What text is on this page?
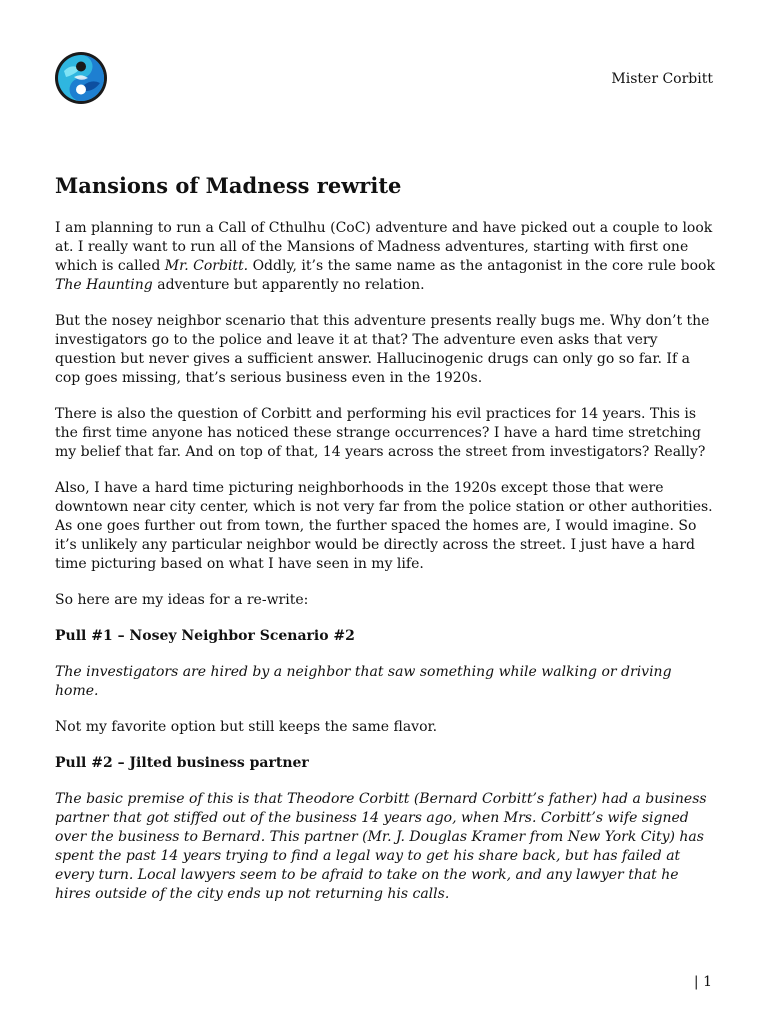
Mister Corbitt
Mansions of Madness rewrite

I am planning to run a Call of Cthulhu (CoC) adventure and have picked out a couple to look at. I really want to run all of the Mansions of Madness adventures, starting with first one which is called Mr. Corbitt. Oddly, it’s the same name as the antagonist in the core rule book The Haunting adventure but apparently no relation.

But the nosey neighbor scenario that this adventure presents really bugs me. Why don’t the investigators go to the police and leave it at that? The adventure even asks that very question but never gives a sufficient answer. Hallucinogenic drugs can only go so far. If a cop goes missing, that’s serious business even in the 1920s.

There is also the question of Corbitt and performing his evil practices for 14 years. This is the first time anyone has noticed these strange occurrences? I have a hard time stretching my belief that far. And on top of that, 14 years across the street from investigators? Really?

Also, I have a hard time picturing neighborhoods in the 1920s except those that were downtown near city center, which is not very far from the police station or other authorities. As one goes further out from town, the further spaced the homes are, I would imagine. So it’s unlikely any particular neighbor would be directly across the street. I just have a hard time picturing based on what I have seen in my life.

So here are my ideas for a re-write:

Pull #1 – Nosey Neighbor Scenario #2

The investigators are hired by a neighbor that saw something while walking or driving home.

Not my favorite option but still keeps the same flavor.

Pull #2 – Jilted business partner

The basic premise of this is that Theodore Corbitt (Bernard Corbitt’s father) had a business partner that got stiffed out of the business 14 years ago, when Mrs. Corbitt’s wife signed over the business to Bernard. This partner (Mr. J. Douglas Kramer from New York City) has spent the past 14 years trying to find a legal way to get his share back, but has failed at every turn. Local lawyers seem to be afraid to take on the work, and any lawyer that he hires outside of the city ends up not returning his calls.

| 1
